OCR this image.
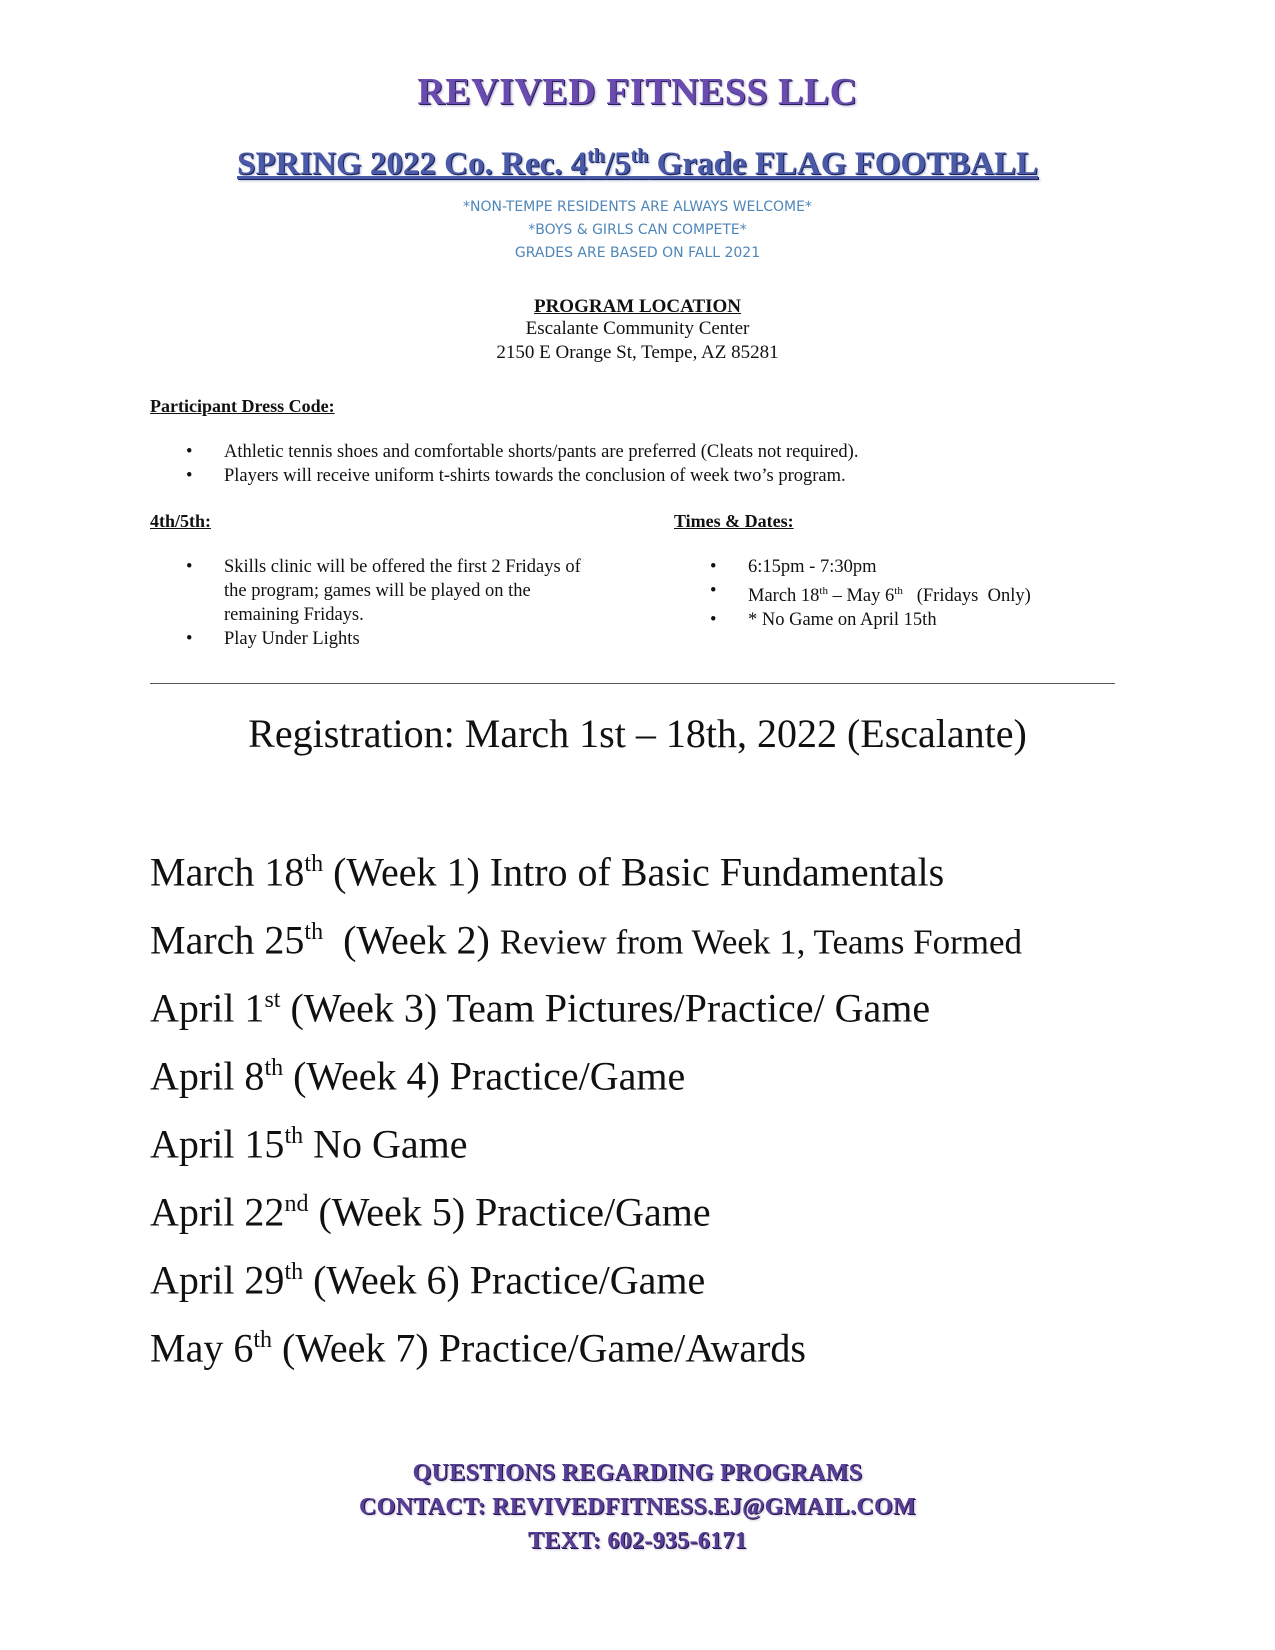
REVIVED FITNESS LLC
SPRING 2022 Co. Rec. 4th/5th Grade FLAG FOOTBALL
*NON-TEMPE RESIDENTS ARE ALWAYS WELCOME*
*BOYS & GIRLS CAN COMPETE*
GRADES ARE BASED ON FALL 2021
PROGRAM LOCATION
Escalante Community Center
2150 E Orange St, Tempe, AZ 85281
Participant Dress Code:
• Athletic tennis shoes and comfortable shorts/pants are preferred (Cleats not required).
• Players will receive uniform t-shirts towards the conclusion of week two’s program.
4th/5th:
• Skills clinic will be offered the first 2 Fridays of the program; games will be played on the remaining Fridays.
• Play Under Lights
Times & Dates:
• 6:15pm - 7:30pm
• March 18th – May 6th   (Fridays  Only)
• * No Game on April 15th
Registration: March 1st – 18th, 2022 (Escalante)
March 18th (Week 1) Intro of Basic Fundamentals
March 25th  (Week 2) Review from Week 1, Teams Formed
April 1st (Week 3) Team Pictures/Practice/ Game
April 8th (Week 4) Practice/Game
April 15th No Game
April 22nd (Week 5) Practice/Game
April 29th (Week 6) Practice/Game
May 6th (Week 7) Practice/Game/Awards
QUESTIONS REGARDING PROGRAMS
CONTACT: REVIVEDFITNESS.EJ@GMAIL.COM
TEXT: 602-935-6171
